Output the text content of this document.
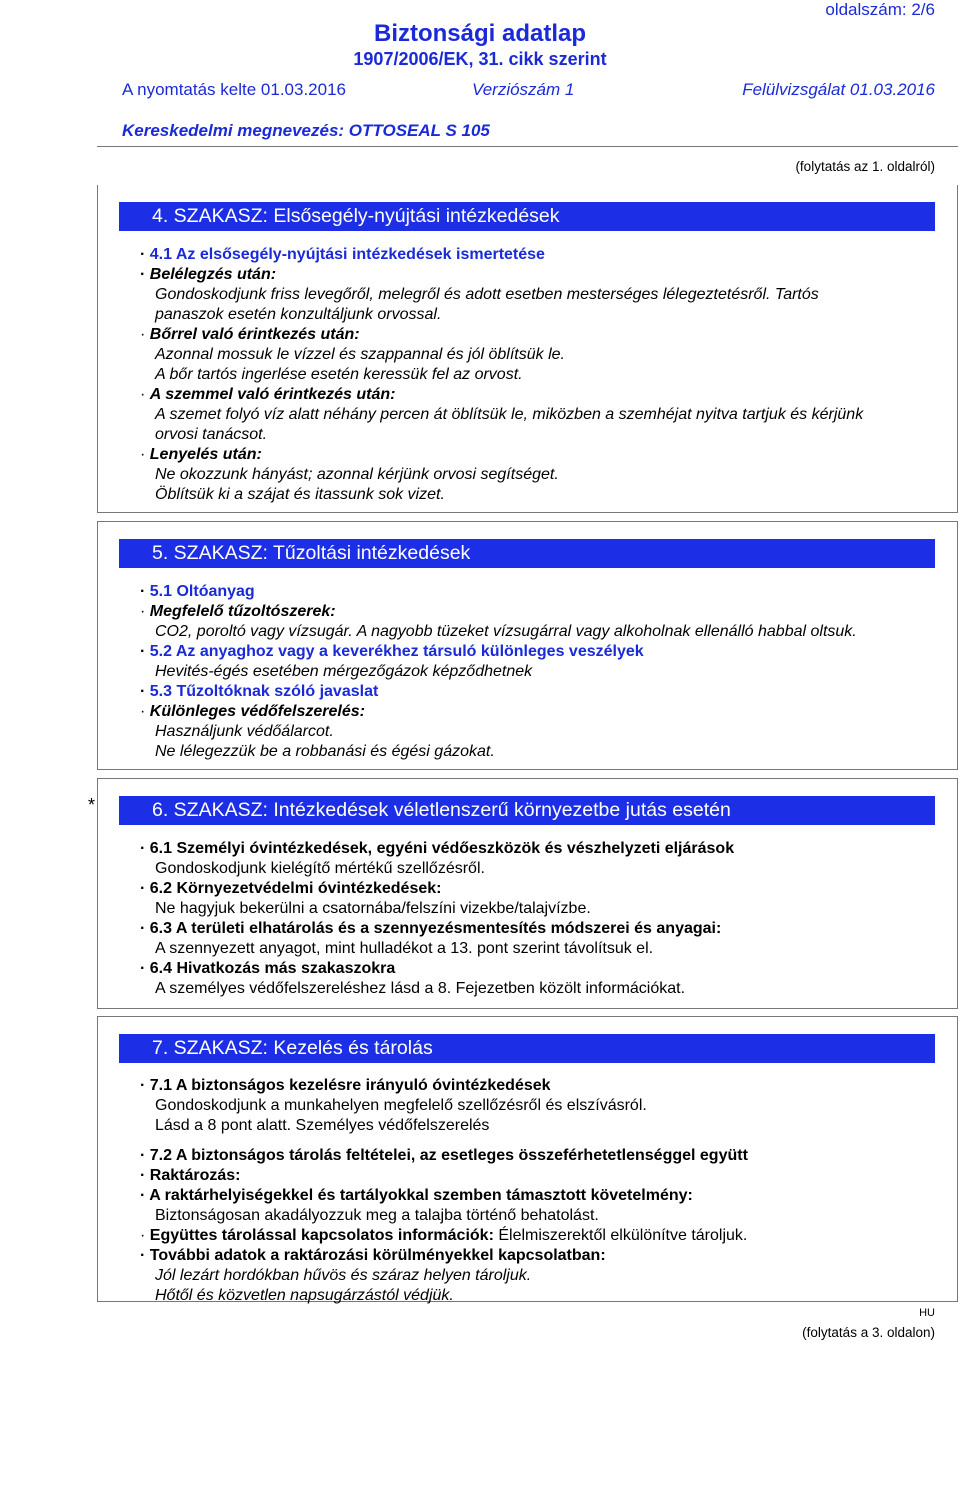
oldalszám: 2/6
Biztonsági adatlap
1907/2006/EK, 31. cikk szerint
A nyomtatás kelte 01.03.2016	Verziószám 1	Felülvizsgálat 01.03.2016
Kereskedelmi megnevezés: OTTOSEAL S 105
(folytatás az 1. oldalról)
4. SZAKASZ: Elsősegély-nyújtási intézkedések
· 4.1 Az elsősegély-nyújtási intézkedések ismertetése
· Belélegzés után:
Gondoskodjunk friss levegőről, melegről és adott esetben mesterséges lélegeztetésről. Tartós
panaszok esetén konzultáljunk orvossal.
· Bőrrel való érintkezés után:
Azonnal mossuk le vízzel és szappannal és jól öblítsük le.
A bőr tartós ingerlése esetén keressük fel az orvost.
· A szemmel való érintkezés után:
A szemet folyó víz alatt néhány percen át öblítsük le, miközben a szemhéjat nyitva tartjuk és kérjünk
orvosi tanácsot.
· Lenyelés után:
Ne okozzunk hányást; azonnal kérjünk orvosi segítséget.
Öblítsük ki a szájat és itassunk sok vizet.
5. SZAKASZ: Tűzoltási intézkedések
· 5.1 Oltóanyag
· Megfelelő tűzoltószerek:
CO2, poroltó vagy vízsugár. A nagyobb tüzeket vízsugárral vagy alkoholnak ellenálló habbal oltsuk.
· 5.2 Az anyaghoz vagy a keverékhez társuló különleges veszélyek
Hevités-égés esetében mérgezőgázok képződhetnek
· 5.3 Tűzoltóknak szóló javaslat
· Különleges védőfelszerelés:
Használjunk védőálarcot.
Ne lélegezzük be a robbanási és égési gázokat.
*	6. SZAKASZ: Intézkedések véletlenszerű környezetbe jutás esetén
· 6.1 Személyi óvintézkedések, egyéni védőeszközök és vészhelyzeti eljárások
Gondoskodjunk kielégítő mértékű szellőzésről.
· 6.2 Környezetvédelmi óvintézkedések:
Ne hagyjuk bekerülni a csatornába/felszíni vizekbe/talajvízbe.
· 6.3 A területi elhatárolás és a szennyezésmentesítés módszerei és anyagai:
A szennyezett anyagot, mint hulladékot a 13. pont szerint távolítsuk el.
· 6.4 Hivatkozás más szakaszokra
A személyes védőfelszereléshez lásd a 8. Fejezetben közölt információkat.
7. SZAKASZ: Kezelés és tárolás
· 7.1 A biztonságos kezelésre irányuló óvintézkedések
Gondoskodjunk a munkahelyen megfelelő szellőzésről és elszívásról.
Lásd a 8 pont alatt. Személyes védőfelszerelés
· 7.2 A biztonságos tárolás feltételei, az esetleges összeférhetetlenséggel együtt
· Raktározás:
· A raktárhelyiségekkel és tartályokkal szemben támasztott követelmény:
Biztonságosan akadályozzuk meg a talajba történő behatolást.
· Együttes tárolással kapcsolatos információk: Élelmiszerektől elkülönítve tároljuk.
· További adatok a raktározási körülményekkel kapcsolatban:
Jól lezárt hordókban hűvös és száraz helyen tároljuk.
Hőtől és közvetlen napsugárzástól védjük.
HU
(folytatás a 3. oldalon)
